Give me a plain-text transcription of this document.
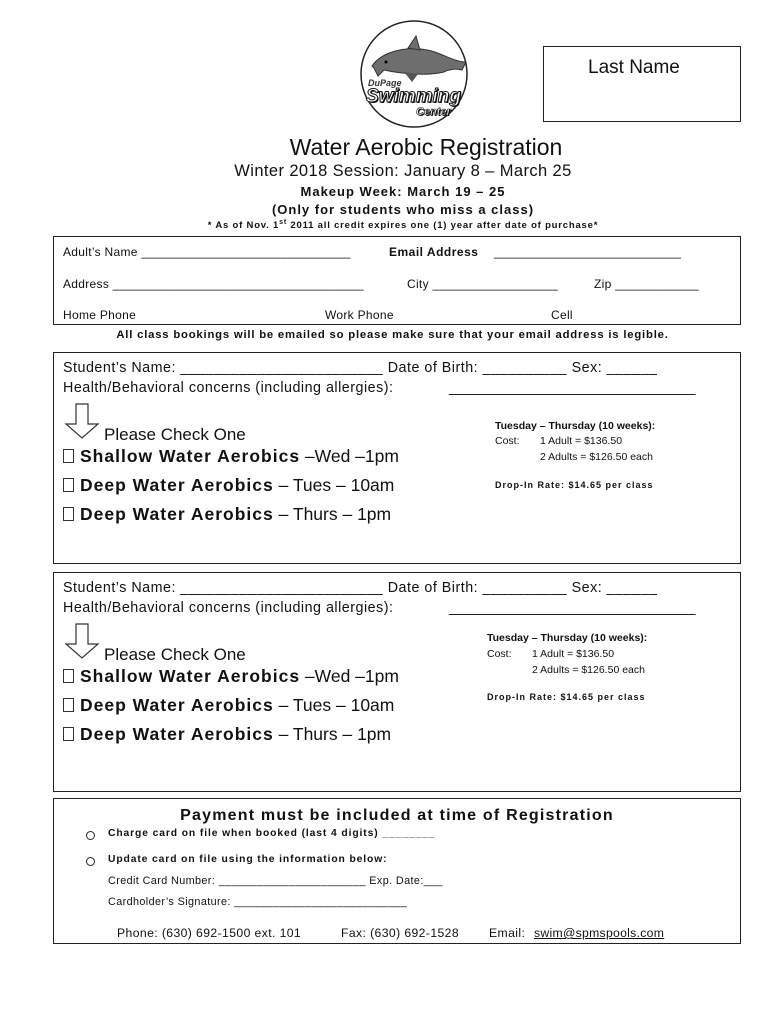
DuPage
Swimming
Center
Last Name
Water Aerobic Registration
Winter 2018 Session: January 8 – March 25
Makeup Week: March 19 – 25
(Only for students who miss a class)
* As of Nov. 1st 2011 all credit expires one (1) year after date of purchase*
Adult’s Name ______________________________	Email Address ____________________________
Address ____________________________________	City __________________	Zip ____________
Home Phone	Work Phone	Cell
All class bookings will be emailed so please make sure that your email address is legible.
Student’s Name: ________________________ Date of Birth: __________ Sex: ______
Health/Behavioral concerns (including allergies):	_______________________________
Please Check One
Shallow Water Aerobics –Wed –1pm
Deep Water Aerobics – Tues – 10am
Deep Water Aerobics – Thurs – 1pm
Tuesday – Thursday (10 weeks):
Cost: 1 Adult = $136.50
2 Adults = $126.50 each
Drop-In Rate: $14.65 per class
Student’s Name: ________________________ Date of Birth: __________ Sex: ______
Health/Behavioral concerns (including allergies):	_______________________________
Please Check One
Shallow Water Aerobics –Wed –1pm
Deep Water Aerobics – Tues – 10am
Deep Water Aerobics – Thurs – 1pm
Tuesday – Thursday (10 weeks):
Cost: 1 Adult = $136.50
2 Adults = $126.50 each
Drop-In Rate: $14.65 per class
Payment must be included at time of Registration
Charge card on file when booked (last 4 digits) ________
Update card on file using the information below:
Credit Card Number: _______________________ Exp. Date:___
Cardholder’s Signature: ___________________________
Phone: (630) 692-1500 ext. 101	Fax: (630) 692-1528 Email: swim@spmspools.com
